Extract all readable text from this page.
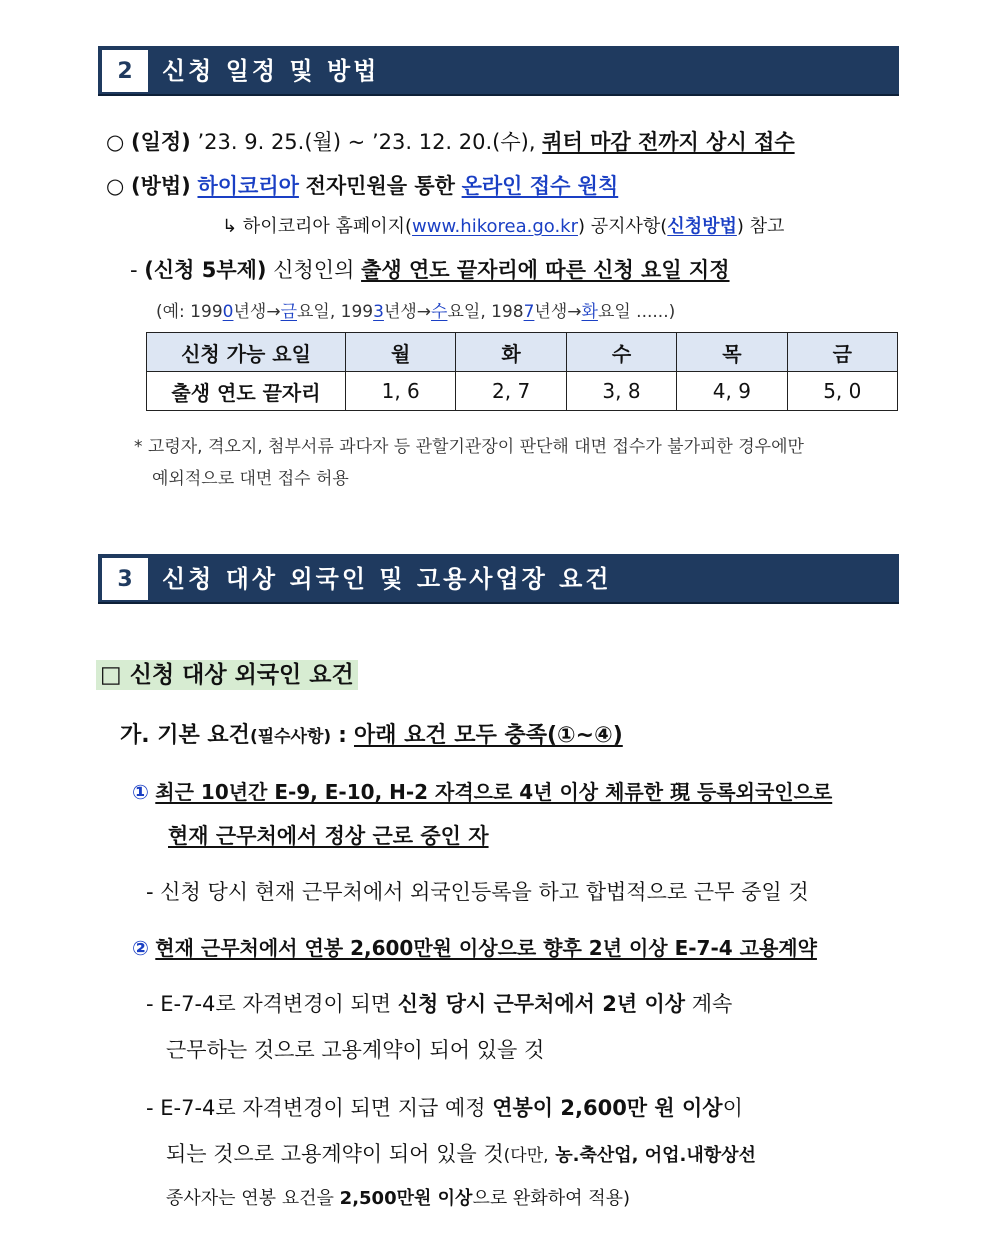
2	신청 일정 및 방법
○ (일정) ’23. 9. 25.(월) ~ ’23. 12. 20.(수), 쿼터 마감 전까지 상시 접수
○ (방법) 하이코리아 전자민원을 통한 온라인 접수 원칙
↳ 하이코리아 홈페이지(www.hikorea.go.kr) 공지사항(신청방법) 참고
- (신청 5부제) 신청인의 출생 연도 끝자리에 따른 신청 요일 지정
(예: 1990년생→금요일, 1993년생→수요일, 1987년생→화요일 ......)
신청 가능 요일	월	화	수	목	금
출생 연도 끝자리	1, 6	2, 7	3, 8	4, 9	5, 0
* 고령자, 격오지, 첨부서류 과다자 등 관할기관장이 판단해 대면 접수가 불가피한 경우에만
예외적으로 대면 접수 허용
3	신청 대상 외국인 및 고용사업장 요건
□ 신청 대상 외국인 요건
가. 기본 요건(필수사항) : 아래 요건 모두 충족(①~④)
① 최근 10년간 E-9, E-10, H-2 자격으로 4년 이상 체류한 現 등록외국인으로
현재 근무처에서 정상 근로 중인 자
- 신청 당시 현재 근무처에서 외국인등록을 하고 합법적으로 근무 중일 것
② 현재 근무처에서 연봉 2,600만원 이상으로 향후 2년 이상 E-7-4 고용계약
- E-7-4로 자격변경이 되면 신청 당시 근무처에서 2년 이상 계속
근무하는 것으로 고용계약이 되어 있을 것
- E-7-4로 자격변경이 되면 지급 예정 연봉이 2,600만 원 이상이
되는 것으로 고용계약이 되어 있을 것(다만, 농.축산업, 어업.내항상선
종사자는 연봉 요건을 2,500만원 이상으로 완화하여 적용)
